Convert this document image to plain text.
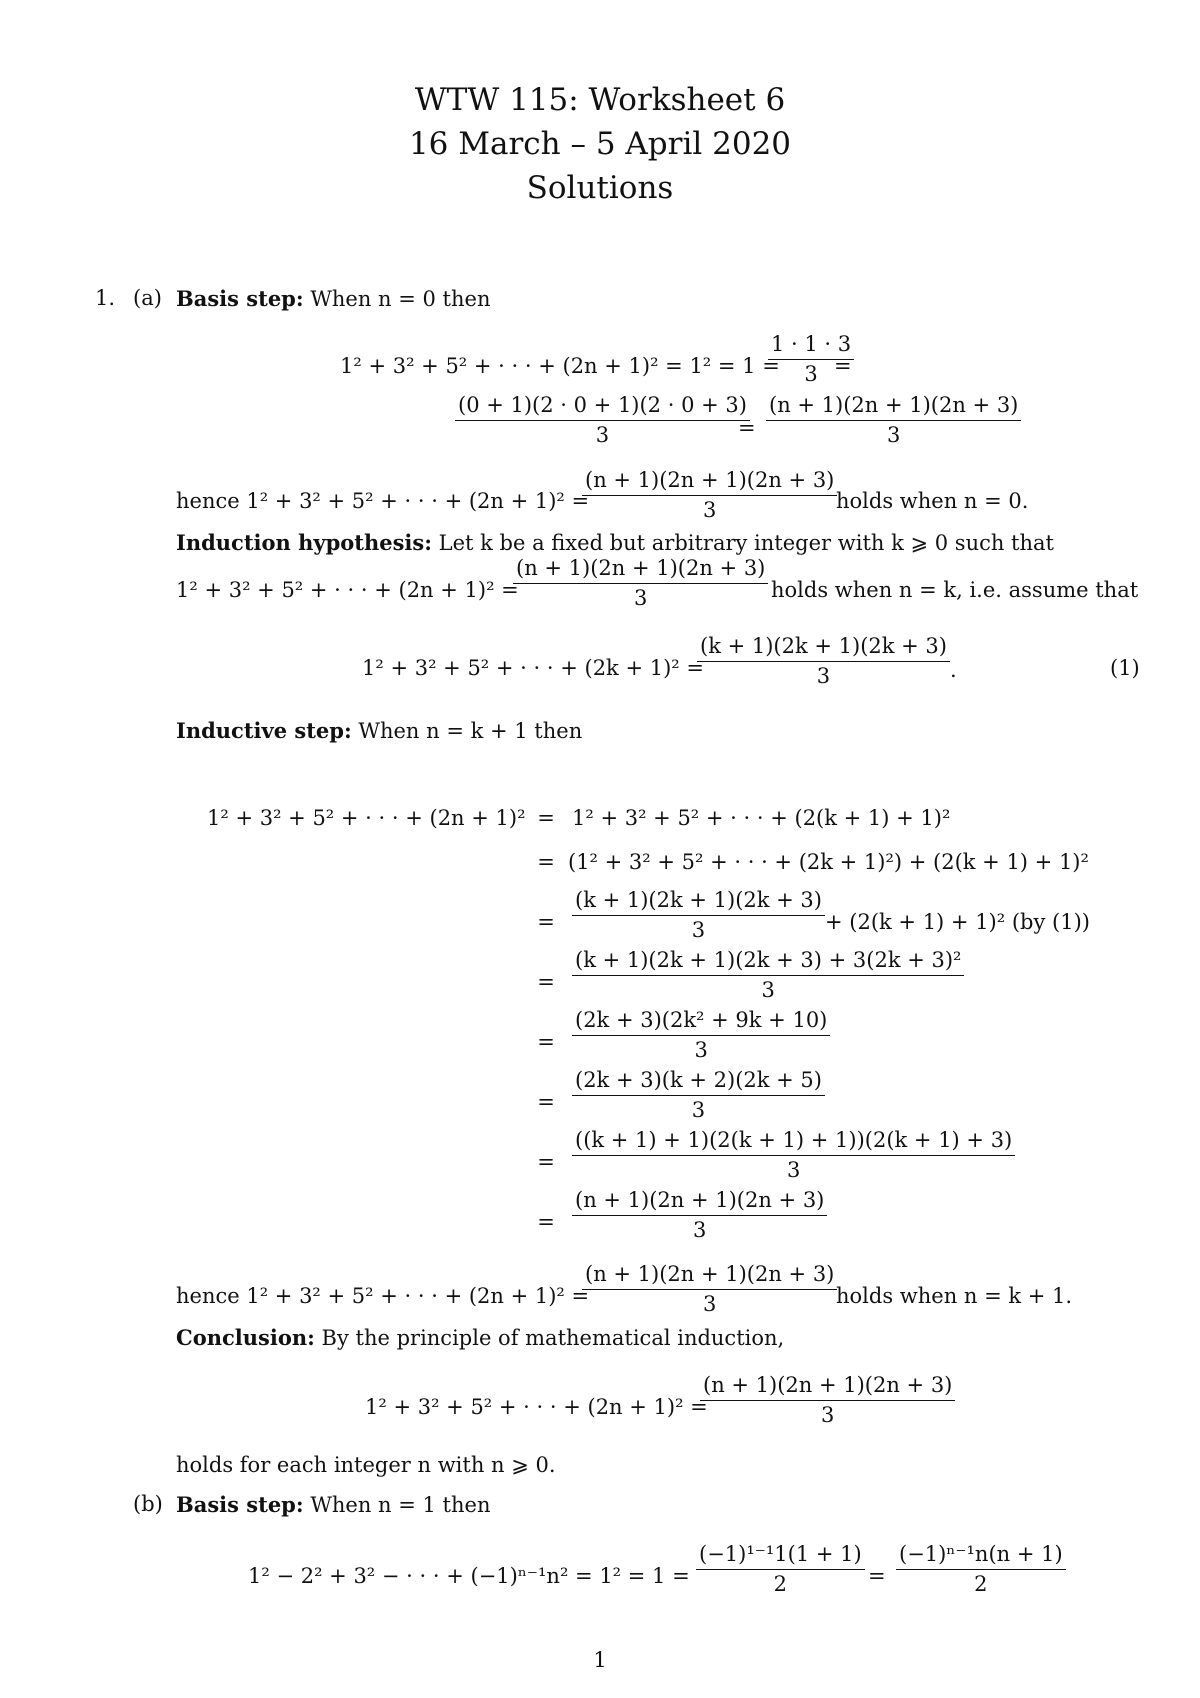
WTW 115: Worksheet 6
16 March – 5 April 2020
Solutions
1. (a) Basis step: When n = 0 then
1² + 3² + 5² + · · · + (2n + 1)² = 1² = 1 =
$\frac{1 \cdot 1 \cdot 3}{3}$
=
$\frac{(0 + 1)(2 \cdot 0 + 1)(2 \cdot 0 + 3)}{3}$
= $\frac{(n + 1)(2n + 1)(2n + 3)}{3}$
hence 1² + 3² + 5² + · · · + (2n + 1)² =
$\frac{(n + 1)(2n + 1)(2n + 3)}{3}$
holds when n = 0.
Induction hypothesis: Let k be a fixed but arbitrary integer with k ⩾ 0 such that
1² + 3² + 5² + · · · + (2n + 1)² =
$\frac{(n + 1)(2n + 1)(2n + 3)}{3}$ holds when n = k, i.e. assume that
1² + 3² + 5² + · · · + (2k + 1)² =
$\frac{(k + 1)(2k + 1)(2k + 3)}{3}$ .	(1)
Inductive step: When n = k + 1 then
1² + 3² + 5² + · · · + (2n + 1)² = 1² + 3² + 5² + · · · + (2(k + 1) + 1)²
= (1² + 3² + 5² + · · · + (2k + 1)²) + (2(k + 1) + 1)²
= $\frac{(k + 1)(2k + 1)(2k + 3)}{3} + (2(k + 1) + 1)^2$ (by (1))
= $\frac{\text{(k + 1)(2k + 1)(2k + 3) + 3(2k + 3)²}}{3}$
= $\frac{\text{(2k + 3)(2k² + 9k + 10)}}{3}$
= $\frac{(2k + 3)(k + 2)(2k + 5)}{3}$
= $\frac{((k + 1) + 1)(2(k + 1) + 1))(2(k + 1) + 3)}{3}$
= $\frac{(n + 1)(2n + 1)(2n + 3)}{3}$
hence 1² + 3² + 5² + · · · + (2n + 1)² =
$\frac{(n + 1)(2n + 1)(2n + 3)}{3}$
holds when n = k + 1.
Conclusion: By the principle of mathematical induction,
1² + 3² + 5² + · · · + (2n + 1)² =
$\frac{(n + 1)(2n + 1)(2n + 3)}{3}$
holds for each integer n with n ⩾ 0.
(b) Basis step: When n = 1 then
1² − 2² + 3² − · · · + $(-1)^{n-1}n^2 = 1^2 = 1 = \frac{\text{(−1)¹⁻¹1(1 + 1)}}{2} = \frac{\text{(−1)ⁿ⁻¹n(n + 1)}}{2}$
1
